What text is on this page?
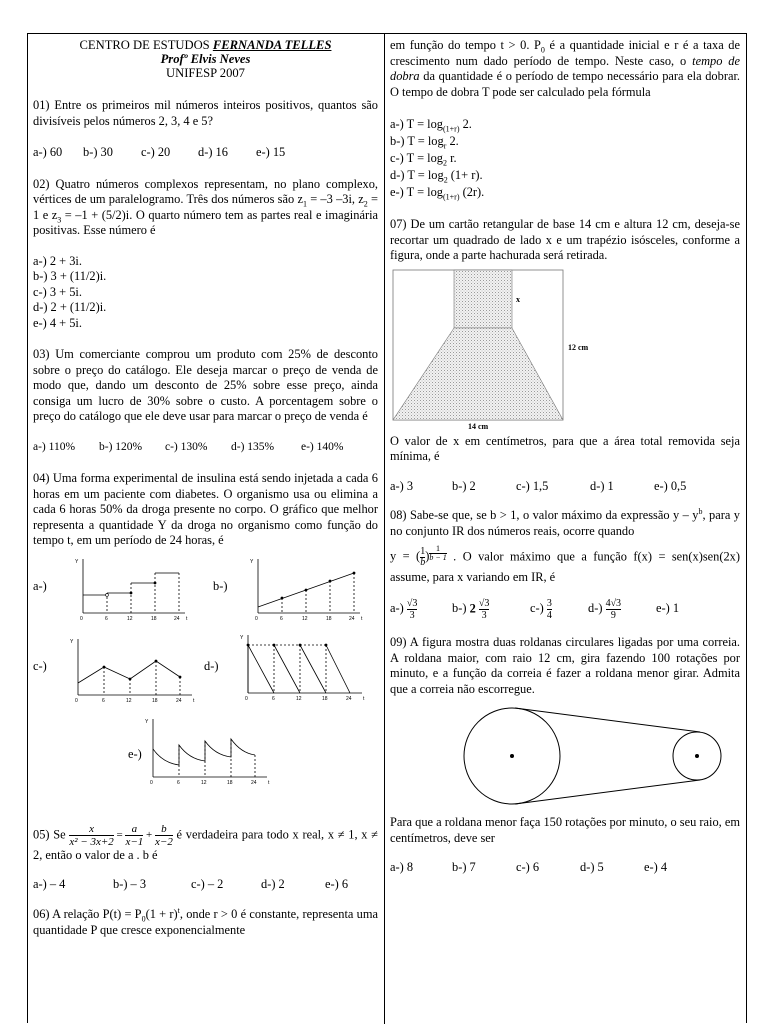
CENTRO DE ESTUDOS FERNANDA TELLES
Profº Elvis Neves
UNIFESP 2007

01) Entre os primeiros mil números inteiros positivos, quantos são divisíveis pelos números 2, 3, 4 e 5?

a-) 60 b-) 30 c-) 20 d-) 16 e-) 15

02) Quatro números complexos representam, no plano complexo, vértices de um paralelogramo. Três dos números são $z_1 = -3$ –3i, $z_2 = 1$ e $z_3 = -1 + (5/2)i$. O quarto número tem as partes real e imaginária positivas. Esse número é

a-) 2 + 3i.
b-) 3 + (11/2)i.
c-) 3 + 5i.
d-) 2 + (11/2)i.
e-) 4 + 5i.

03) Um comerciante comprou um produto com 25% de desconto sobre o preço do catálogo. Ele deseja marcar o preço de venda de modo que, dando um desconto de 25% sobre esse preço, ainda consiga um lucro de 30% sobre o custo. A porcentagem sobre o preço do catálogo que ele deve usar para marcar o preço de venda é

a-) 110% b-) 120% c-) 130% d-) 135% e-) 140%

04) Uma forma experimental de insulina está sendo injetada a cada 6 horas em um paciente com diabetes. O organismo usa ou elimina a cada 6 horas 50% da droga presente no corpo. O gráfico que melhor representa a quantidade Y da droga no organismo como função do tempo t, em um período de 24 horas, é

a-)	b-)
c-)	d-)
e-)
Y
0	6	12	18	24 t
Y
0	6	12	18	24 t
Y
0	6	12	18	24 t
Y
0	6	12	18	24 t
Y
0	6	12	18	24 t
05) Se $\frac{x}{\text{x² − 3x+2}} = \frac{a}{x-1} + \frac{b}{x-2}$ é verdadeira para todo x real, x ≠ 1, x ≠ 2, então o valor de a . b é

a-) – 4	b-) – 3	c-) – 2	d-) 2	e-) 6

06) A relação $P(t) = P_0(1 + r)^t$, onde r > 0 é constante, representa uma quantidade P que cresce exponencialmente

em função do tempo t > 0. $P_0$ é a quantidade inicial e r é a taxa de crescimento num dado período de tempo. Neste caso, o tempo de dobra da quantidade é o período de tempo necessário para ela dobrar. O tempo de dobra T pode ser calculado pela fórmula

a-) $T = \log_{(1+r)} 2$.
b-) $T = \log_r 2$.
c-) $T = \log_2 r$.
d-) $T = \log_2 (1+ r)$.
e-) $T = \log_{(1+r)} (2r)$.

07) De um cartão retangular de base 14 cm e altura 12 cm, deseja-se recortar um quadrado de lado x e um trapézio isósceles, conforme a figura, onde a parte hachurada será retirada.

x
12 cm
14 cm

O valor de x em centímetros, para que a área total removida seja mínima, é

a-) 3	b-) 2	c-) 1,5	d-) 1	e-) 0,5

08) Sabe-se que, se b > 1, o valor máximo da expressão y – $y^b$, para y no conjunto IR dos números reais, ocorre quando

y = ( $\frac{1}{b}$ ) $^{\frac{1}{b - 1}}$ . O valor máximo que a função f(x) = sen(x)sen(2x) assume, para x variando em IR, é

$a-) \frac{√3}{3}$	b-) $2 \frac{√3}{3}$	$c-) \frac{3}{4}$	$d-) \frac{4√3}{9}$	e-) 1

09) A figura mostra duas roldanas circulares ligadas por uma correia. A roldana maior, com raio 12 cm, gira fazendo 100 rotações por minuto, e a função da correia é fazer a roldana menor girar. Admita que a correia não escorregue.

Para que a roldana menor faça 150 rotações por minuto, o seu raio, em centímetros, deve ser

a-) 8	b-) 7	c-) 6	d-) 5	e-) 4
